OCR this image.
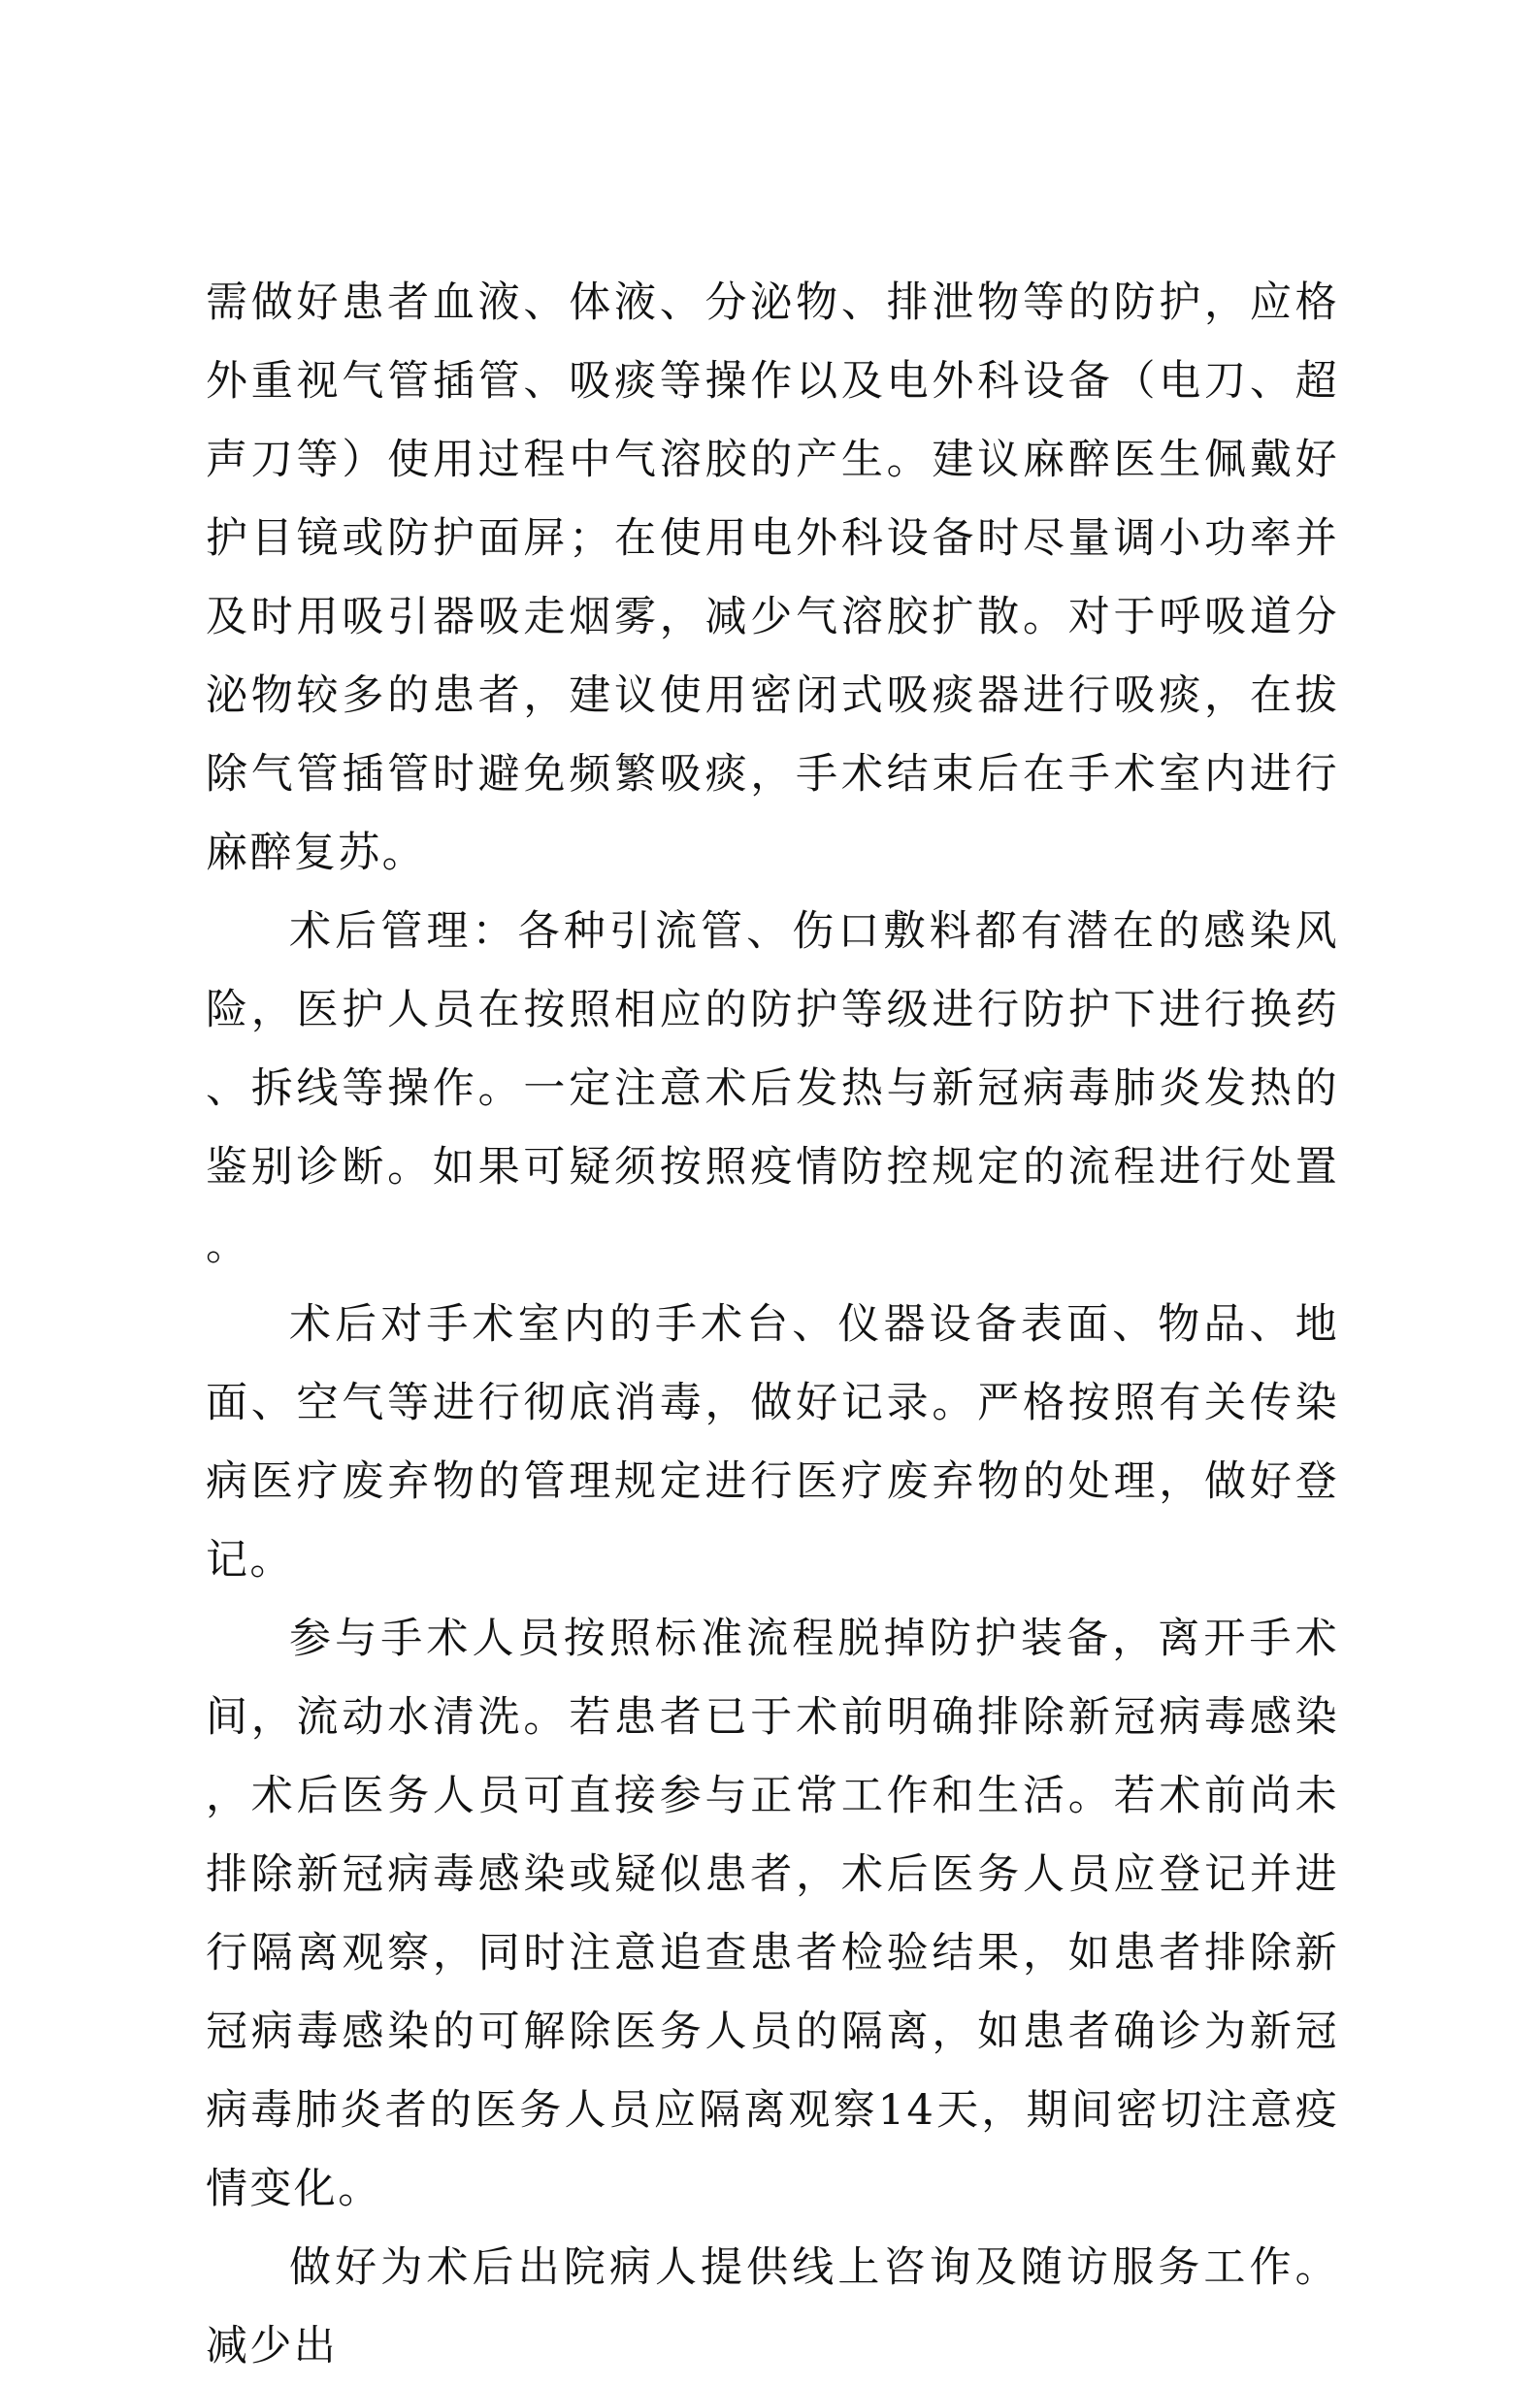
需做好患者血液、体液、分泌物、排泄物等的防护，应格外重视气管插管、吸痰等操作以及电外科设备（电刀、超声刀等）使用过程中气溶胶的产生。建议麻醉医生佩戴好护目镜或防护面屏；在使用电外科设备时尽量调小功率并及时用吸引器吸走烟雾，减少气溶胶扩散。对于呼吸道分泌物较多的患者，建议使用密闭式吸痰器进行吸痰，在拔除气管插管时避免频繁吸痰，手术结束后在手术室内进行麻醉复苏。

术后管理：各种引流管、伤口敷料都有潜在的感染风险，医护人员在按照相应的防护等级进行防护下进行换药、拆线等操作。一定注意术后发热与新冠病毒肺炎发热的鉴别诊断。如果可疑须按照疫情防控规定的流程进行处置。

术后对手术室内的手术台、仪器设备表面、物品、地面、空气等进行彻底消毒，做好记录。严格按照有关传染病医疗废弃物的管理规定进行医疗废弃物的处理，做好登记。

参与手术人员按照标准流程脱掉防护装备，离开手术间，流动水清洗。若患者已于术前明确排除新冠病毒感染，术后医务人员可直接参与正常工作和生活。若术前尚未排除新冠病毒感染或疑似患者，术后医务人员应登记并进行隔离观察，同时注意追查患者检验结果，如患者排除新冠病毒感染的可解除医务人员的隔离，如患者确诊为新冠病毒肺炎者的医务人员应隔离观察14天，期间密切注意疫情变化。

做好为术后出院病人提供线上咨询及随访服务工作。减少出
